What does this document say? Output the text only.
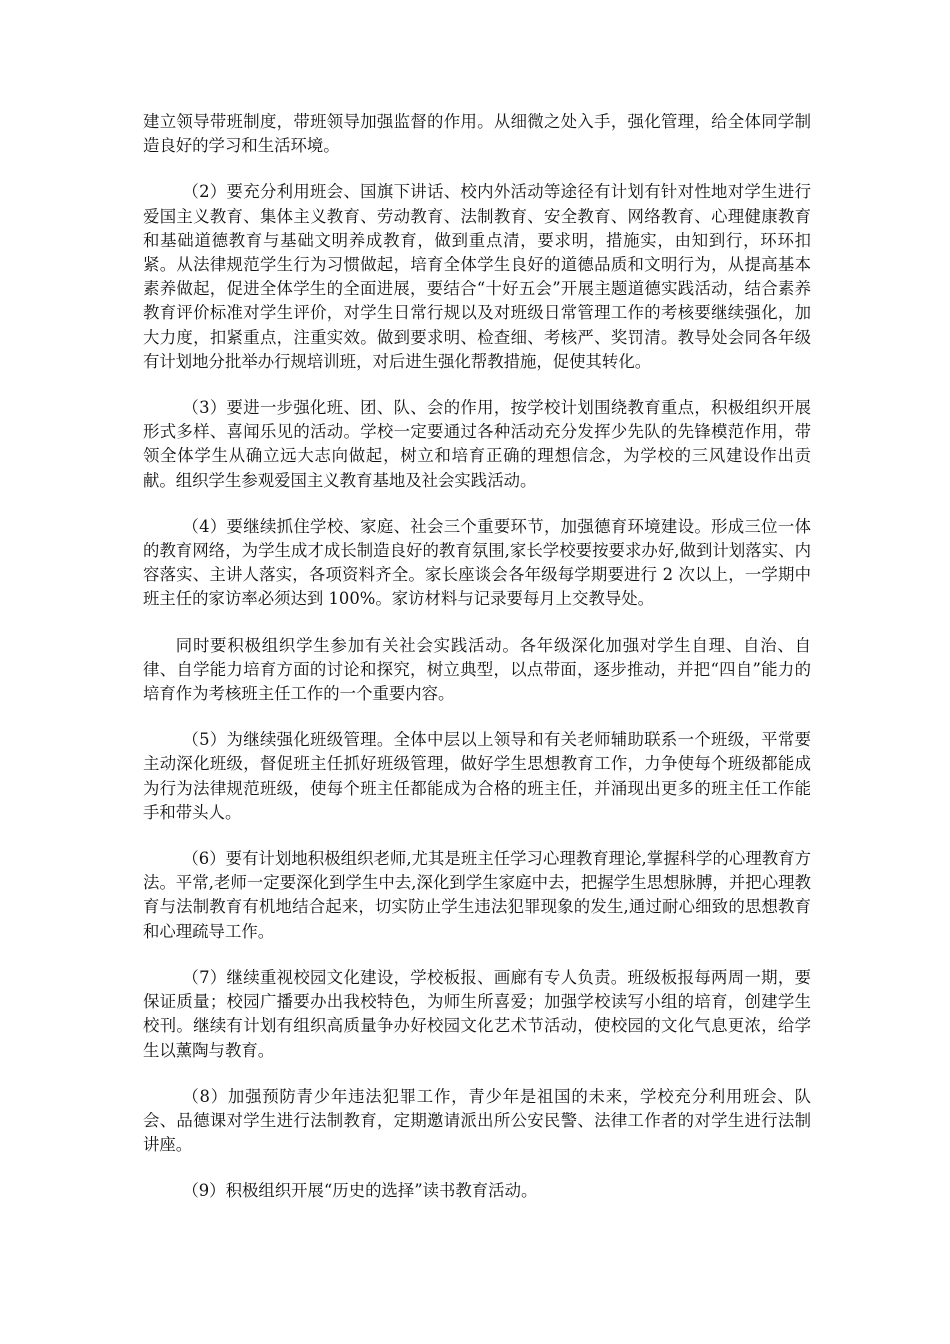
建立领导带班制度，带班领导加强监督的作用。从细微之处入手，强化管理，给全体同学制造良好的学习和生活环境。

（2）要充分利用班会、国旗下讲话、校内外活动等途径有计划有针对性地对学生进行爱国主义教育、集体主义教育、劳动教育、法制教育、安全教育、网络教育、心理健康教育和基础道德教育与基础文明养成教育，做到重点清，要求明，措施实，由知到行，环环扣紧。从法律规范学生行为习惯做起，培育全体学生良好的道德品质和文明行为，从提高基本素养做起，促进全体学生的全面进展，要结合“十好五会”开展主题道德实践活动，结合素养教育评价标准对学生评价，对学生日常行规以及对班级日常管理工作的考核要继续强化，加大力度，扣紧重点，注重实效。做到要求明、检查细、考核严、奖罚清。教导处会同各年级有计划地分批举办行规培训班，对后进生强化帮教措施，促使其转化。

（3）要进一步强化班、团、队、会的作用，按学校计划围绕教育重点，积极组织开展形式多样、喜闻乐见的活动。学校一定要通过各种活动充分发挥少先队的先锋模范作用，带领全体学生从确立远大志向做起，树立和培育正确的理想信念，为学校的三风建设作出贡献。组织学生参观爱国主义教育基地及社会实践活动。

（4）要继续抓住学校、家庭、社会三个重要环节，加强德育环境建设。形成三位一体的教育网络，为学生成才成长制造良好的教育氛围,家长学校要按要求办好,做到计划落实、内容落实、主讲人落实，各项资料齐全。家长座谈会各年级每学期要进行 2 次以上，一学期中班主任的家访率必须达到 100%。家访材料与记录要每月上交教导处。

同时要积极组织学生参加有关社会实践活动。各年级深化加强对学生自理、自治、自律、自学能力培育方面的讨论和探究，树立典型，以点带面，逐步推动，并把“四自”能力的培育作为考核班主任工作的一个重要内容。

（5）为继续强化班级管理。全体中层以上领导和有关老师辅助联系一个班级，平常要主动深化班级，督促班主任抓好班级管理，做好学生思想教育工作，力争使每个班级都能成为行为法律规范班级，使每个班主任都能成为合格的班主任，并涌现出更多的班主任工作能手和带头人。

（6）要有计划地积极组织老师,尤其是班主任学习心理教育理论,掌握科学的心理教育方法。平常,老师一定要深化到学生中去,深化到学生家庭中去，把握学生思想脉膊，并把心理教育与法制教育有机地结合起来，切实防止学生违法犯罪现象的发生,通过耐心细致的思想教育和心理疏导工作。

（7）继续重视校园文化建设，学校板报、画廊有专人负责。班级板报每两周一期，要保证质量；校园广播要办出我校特色，为师生所喜爱；加强学校读写小组的培育，创建学生校刊。继续有计划有组织高质量争办好校园文化艺术节活动，使校园的文化气息更浓，给学生以薰陶与教育。

（8）加强预防青少年违法犯罪工作，青少年是祖国的未来，学校充分利用班会、队会、品德课对学生进行法制教育，定期邀请派出所公安民警、法律工作者的对学生进行法制讲座。

（9）积极组织开展“历史的选择”读书教育活动。
